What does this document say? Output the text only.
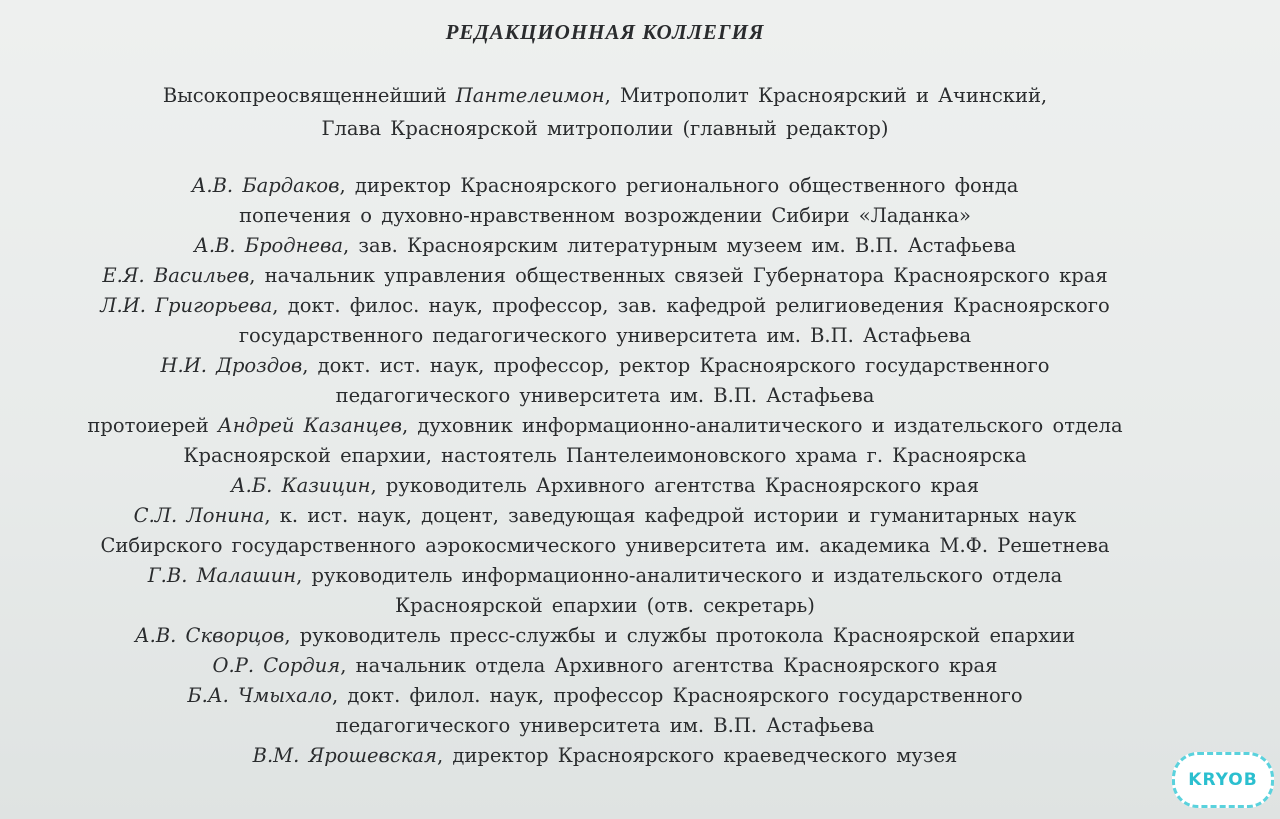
РЕДАКЦИОННАЯ КОЛЛЕГИЯ
Высокопреосвященнейший Пантелеимон, Митрополит Красноярский и Ачинский,
Глава Красноярской митрополии (главный редактор)
А.В. Бардаков, директор Красноярского регионального общественного фонда
попечения о духовно-нравственном возрождении Сибири «Ладанка»
А.В. Броднева, зав. Красноярским литературным музеем им. В.П. Астафьева
Е.Я. Васильев, начальник управления общественных связей Губернатора Красноярского края
Л.И. Григорьева, докт. филос. наук, профессор, зав. кафедрой религиоведения Красноярского
государственного педагогического университета им. В.П. Астафьева
Н.И. Дроздов, докт. ист. наук, профессор, ректор Красноярского государственного
педагогического университета им. В.П. Астафьева
протоиерей Андрей Казанцев, духовник информационно-аналитического и издательского отдела
Красноярской епархии, настоятель Пантелеимоновского храма г. Красноярска
А.Б. Казицин, руководитель Архивного агентства Красноярского края
С.Л. Лонина, к. ист. наук, доцент, заведующая кафедрой истории и гуманитарных наук
Сибирского государственного аэрокосмического университета им. академика М.Ф. Решетнева
Г.В. Малашин, руководитель информационно-аналитического и издательского отдела
Красноярской епархии (отв. секретарь)
А.В. Скворцов, руководитель пресс-службы и службы протокола Красноярской епархии
О.Р. Сордия, начальник отдела Архивного агентства Красноярского края
Б.А. Чмыхало, докт. филол. наук, профессор Красноярского государственного
педагогического университета им. В.П. Астафьева
В.М. Ярошевская, директор Красноярского краеведческого музея
KRYOB
